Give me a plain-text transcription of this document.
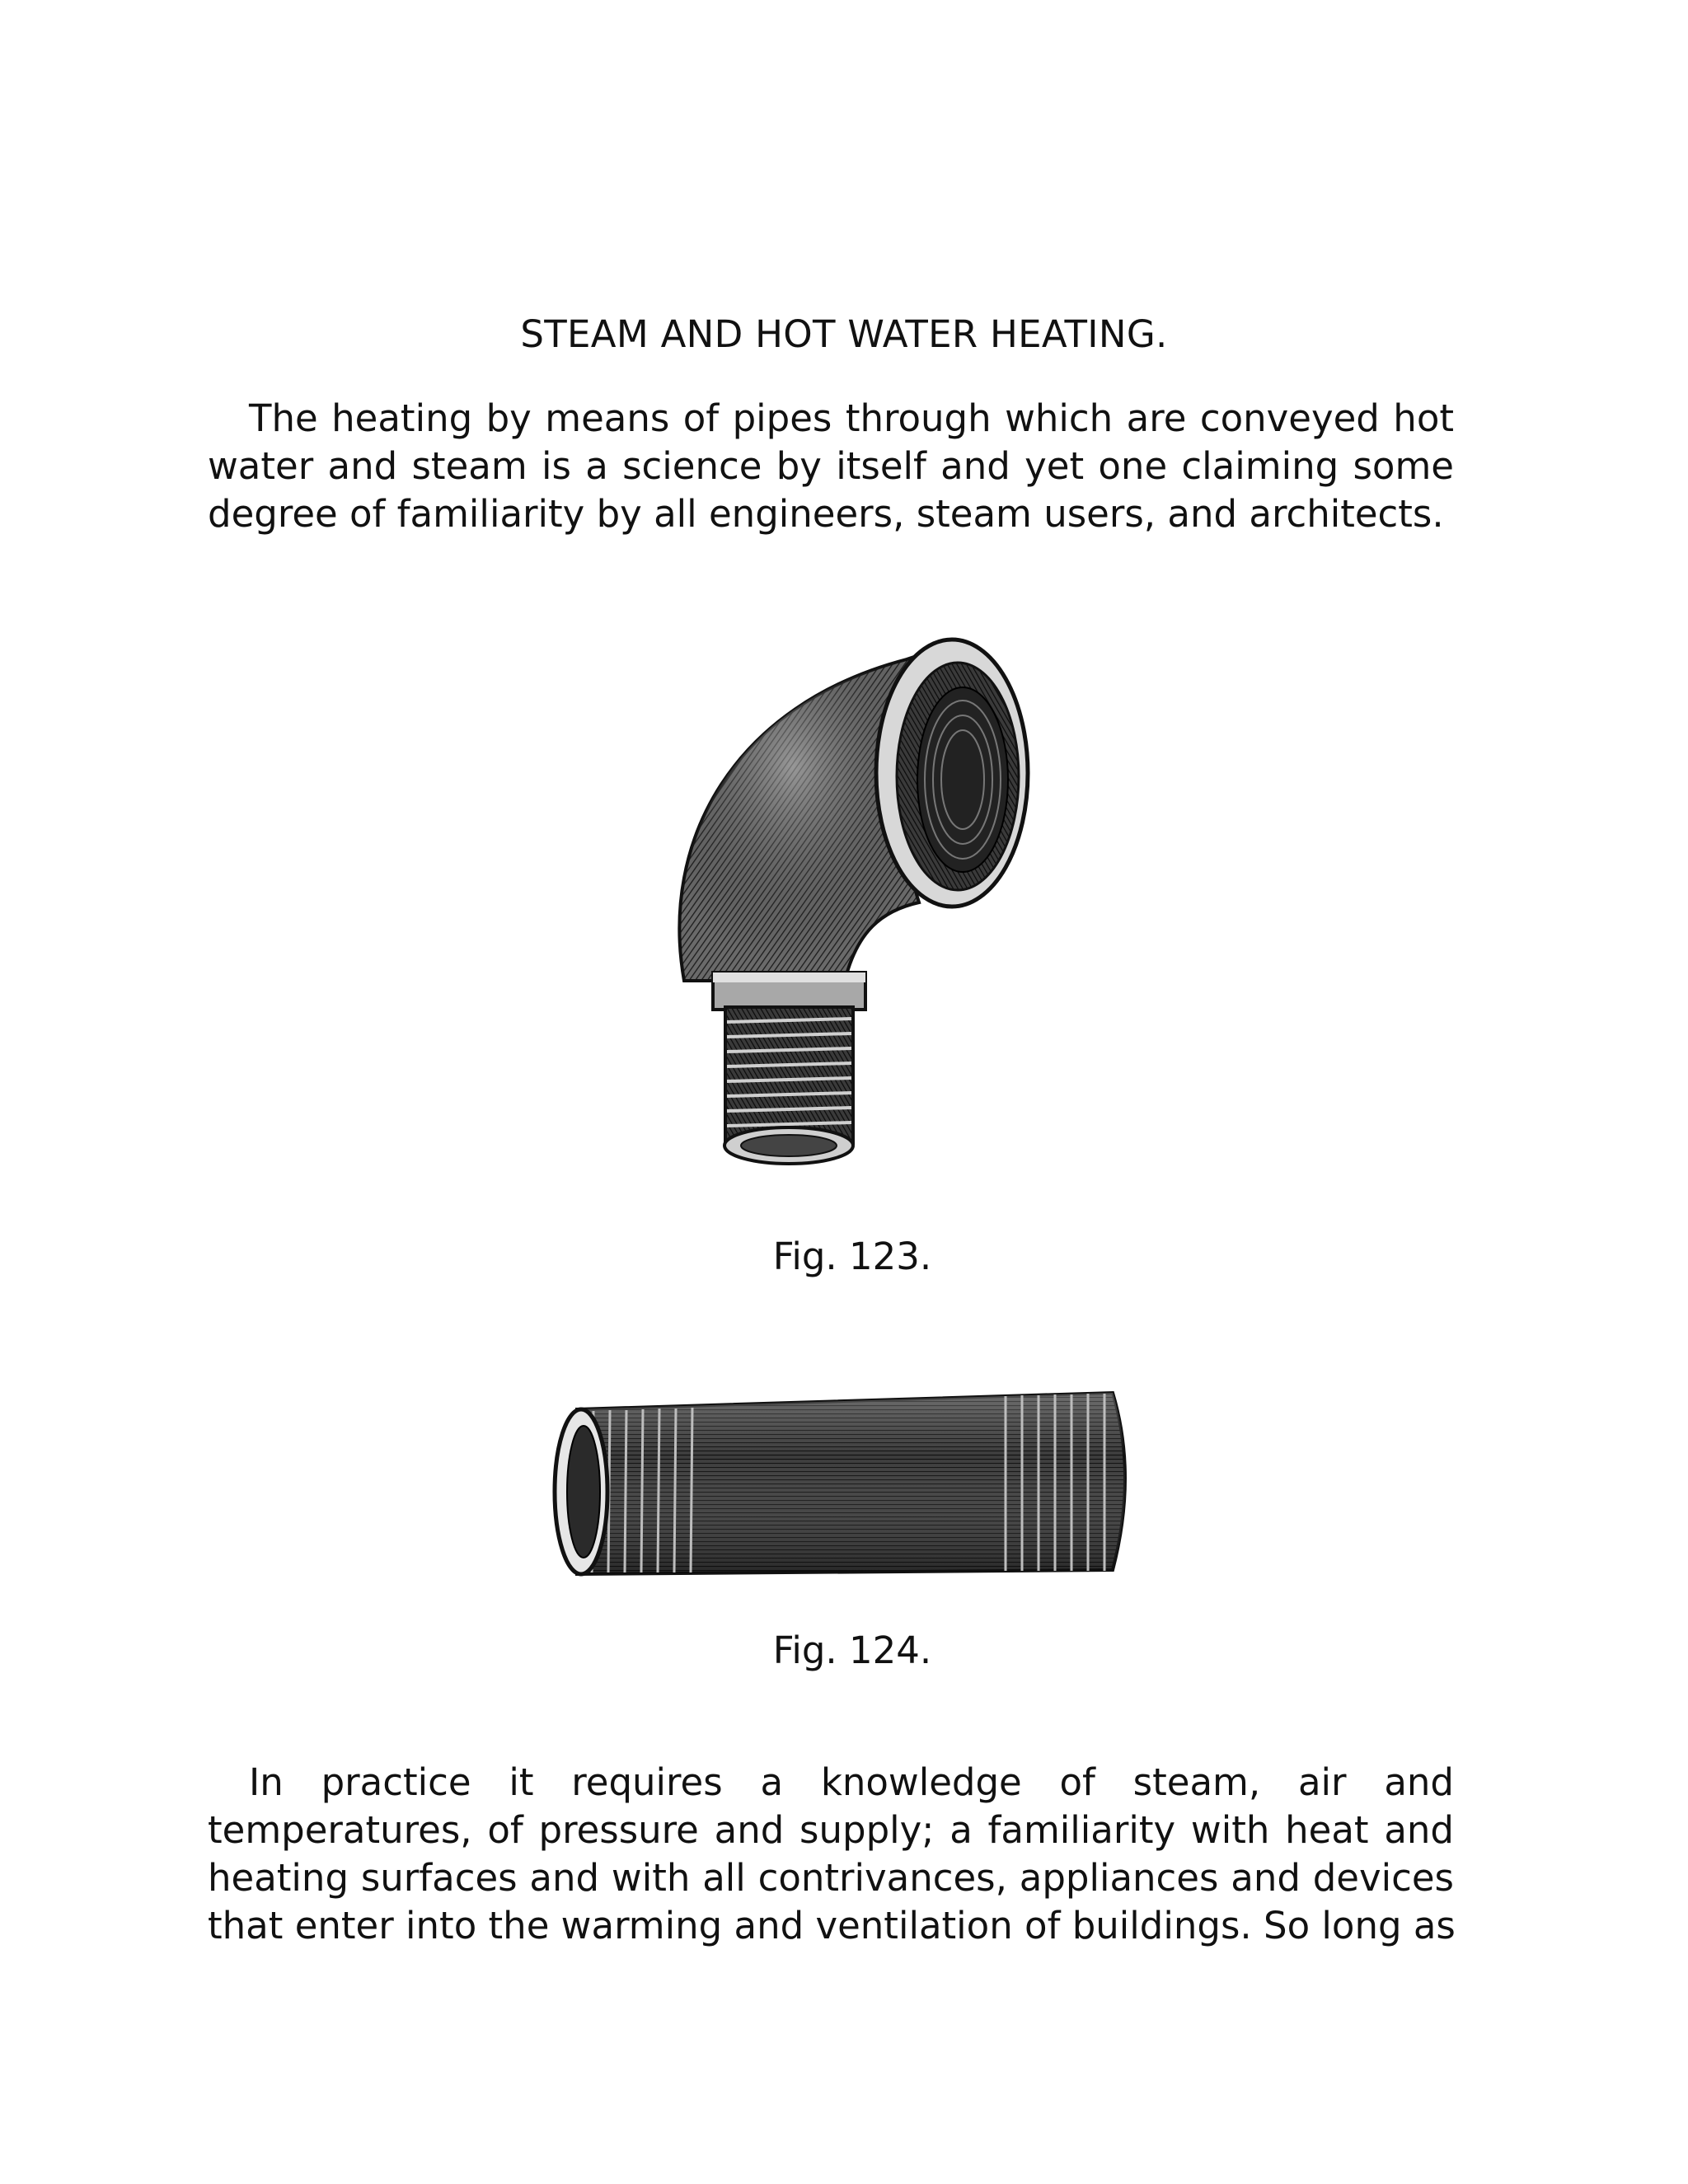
STEAM AND HOT WATER HEATING.
The heating by means of pipes through which are conveyed hot
water and steam is a science by itself and yet one claiming some
degree of familiarity by all engineers, steam users, and architects.
Fig. 123.
Fig. 124.
In practice it requires a knowledge of steam, air and
temperatures, of pressure and supply; a familiarity with heat and
heating surfaces and with all contrivances, appliances and devices
that enter into the warming and ventilation of buildings. So long as
